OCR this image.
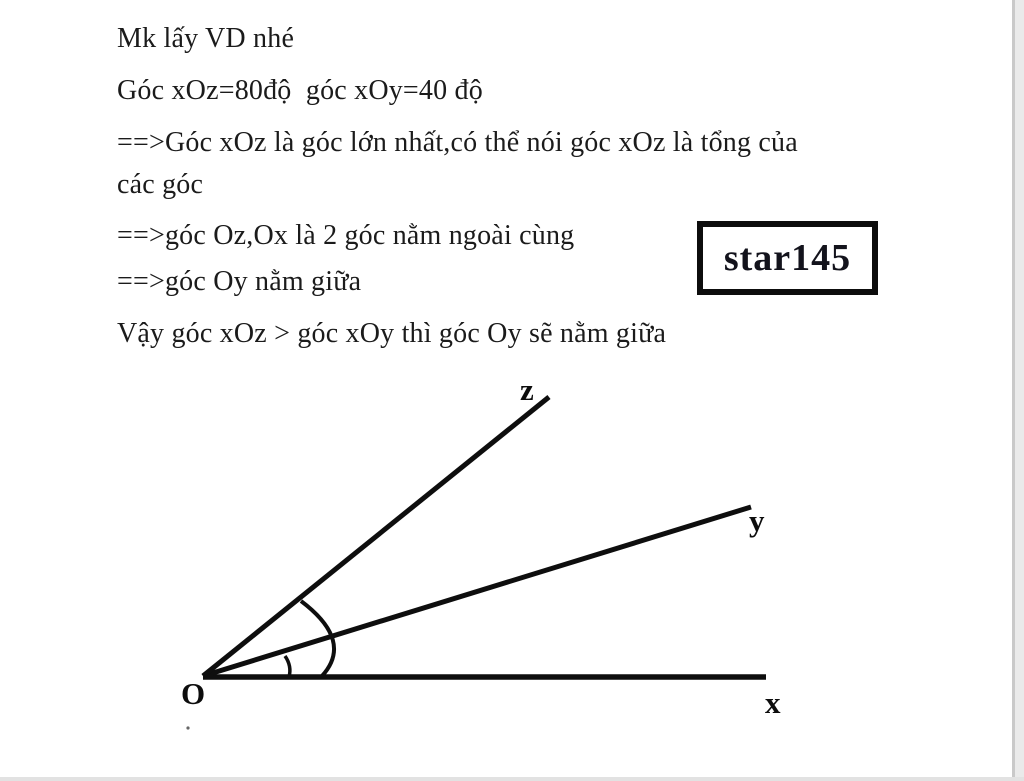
Mk lấy VD nhé
Góc xOz=80độ  góc xOy=40 độ
==>Góc xOz là góc lớn nhất,có thể nói góc xOz là tổng của
các góc
==>góc Oz,Ox là 2 góc nằm ngoài cùng
==>góc Oy nằm giữa
Vậy góc xOz > góc xOy thì góc Oy sẽ nằm giữa
star145
z
y
x
O
